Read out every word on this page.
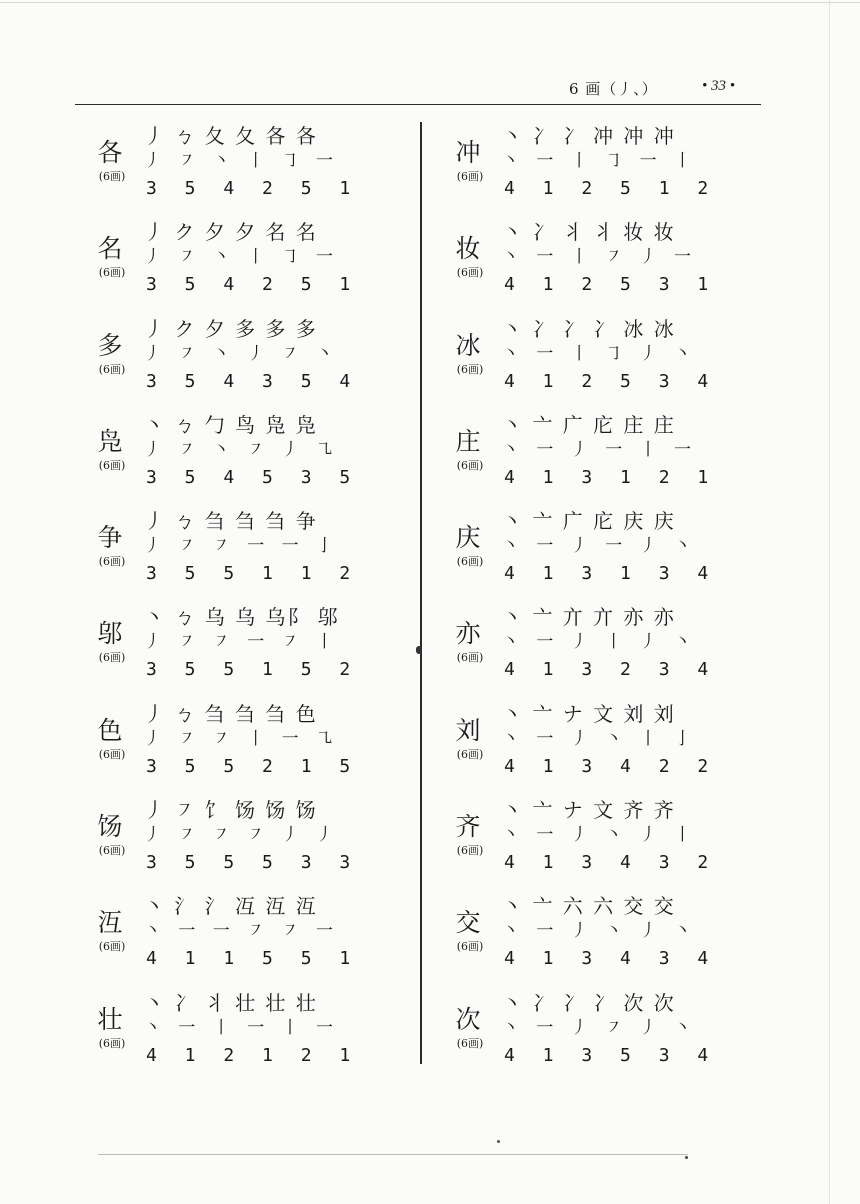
6 画（丿、）	• 33 •
各
(6画)
丿 ㄅ 夂 夂 各 各
丿 ㇇ 丶 丨 ㇆ 一
3 5 4 2 5 1
名
(6画)
丿 ク 夕 夕 名 名
丿 ㇇ 丶 丨 ㇆ 一
3 5 4 2 5 1
多
(6画)
丿 ク 夕 多 多 多
丿 ㇇ 丶 丿 ㇇ 丶
3 5 4 3 5 4
凫
(6画)
丶 ㄅ 勹 鸟 凫 凫
丿 ㇇ 丶 ㇇ 丿 ㇈
3 5 4 5 3 5
争
(6画)
丿 ㄅ 刍 刍 刍 争
丿 ㇇ ㇇ 一 一 亅
3 5 5 1 1 2
邬
(6画)
丶 ㄅ 乌 乌 乌阝 邬
丿 ㇇ ㇇ 一 ㇇ 丨
3 5 5 1 5 2
色
(6画)
丿 ㄅ 刍 刍 刍 色
丿 ㇇ ㇇ 丨 一 ㇈
3 5 5 2 1 5
饧
(6画)
丿 ㇇ 饣 饧 饧 饧
丿 ㇇ ㇇ ㇇ 丿 丿
3 5 5 5 3 3
沍
(6画)
丶 氵 氵 冱 沍 沍
丶 一 一 ㇇ ㇇ 一
4 1 1 5 5 1
壮
(6画)
丶 冫 丬 壮 壮 壮
丶 一 丨 一 丨 一
4 1 2 1 2 1
冲
(6画)
丶 冫 冫 冲 冲 冲
丶 一 丨 ㇆ 一 丨
4 1 2 5 1 2
妆
(6画)
丶 冫 丬 丬 妆 妆
丶 一 丨 ㇇ 丿 一
4 1 2 5 3 1
冰
(6画)
丶 冫 冫 冫 冰 冰
丶 一 丨 ㇆ 丿 丶
4 1 2 5 3 4
庄
(6画)
丶 亠 广 庀 庄 庄
丶 一 丿 一 丨 一
4 1 3 1 2 1
庆
(6画)
丶 亠 广 庀 庆 庆
丶 一 丿 一 丿 丶
4 1 3 1 3 4
亦
(6画)
丶 亠 亣 亣 亦 亦
丶 一 丿 丨 丿 丶
4 1 3 2 3 4
刘
(6画)
丶 亠 ナ 文 刘 刘
丶 一 丿 丶 丨 亅
4 1 3 4 2 2
齐
(6画)
丶 亠 ナ 文 齐 齐
丶 一 丿 丶 丿 丨
4 1 3 4 3 2
交
(6画)
丶 亠 六 六 交 交
丶 一 丿 丶 丿 丶
4 1 3 4 3 4
次
(6画)
丶 冫 冫 冫 次 次
丶 一 丿 ㇇ 丿 丶
4 1 3 5 3 4
